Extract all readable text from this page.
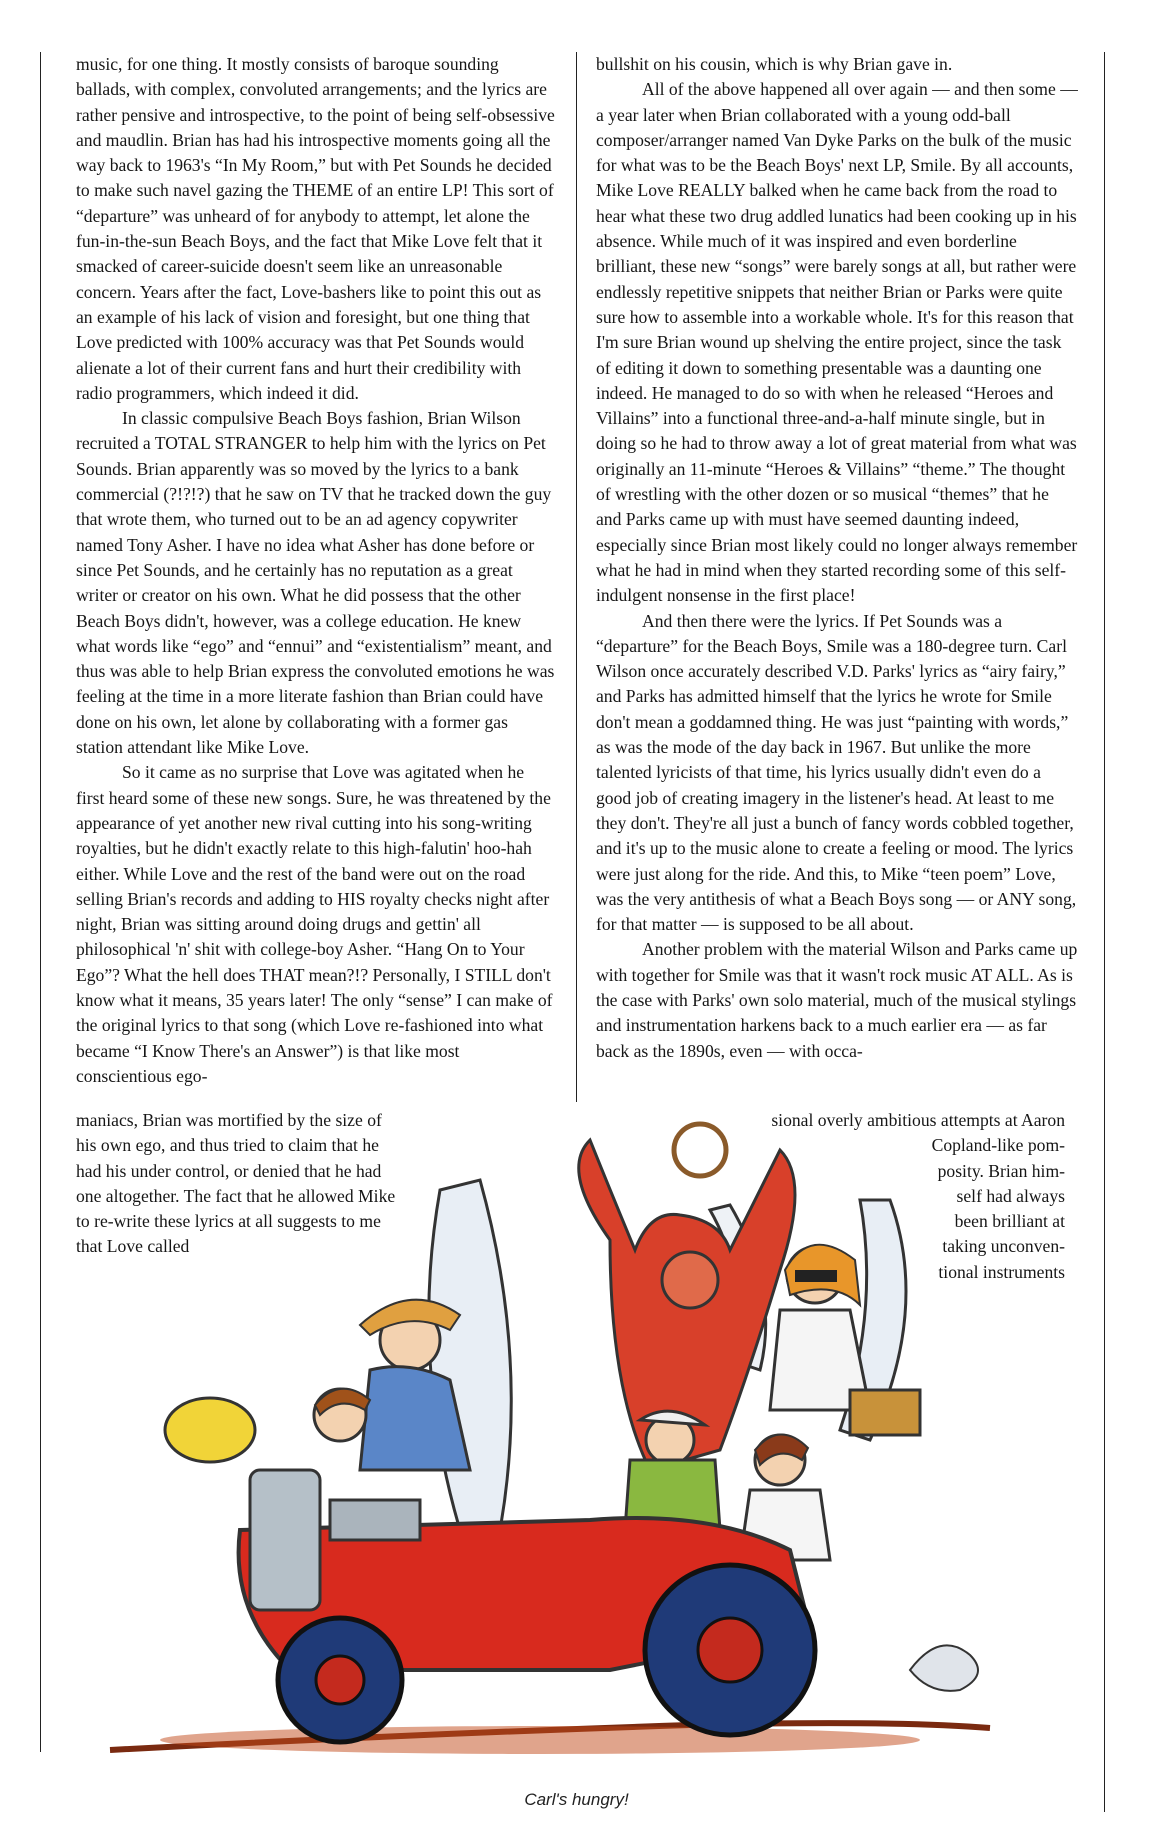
music, for one thing. It mostly consists of baroque sounding ballads, with complex, convoluted arrangements; and the lyrics are rather pensive and introspective, to the point of being self-obsessive and maudlin. Brian has had his introspective moments going all the way back to 1963's “In My Room,” but with Pet Sounds he decided to make such navel gazing the THEME of an entire LP! This sort of “departure” was unheard of for anybody to attempt, let alone the fun-in-the-sun Beach Boys, and the fact that Mike Love felt that it smacked of career-suicide doesn't seem like an unreasonable concern. Years after the fact, Love-bashers like to point this out as an example of his lack of vision and foresight, but one thing that Love predicted with 100% accuracy was that Pet Sounds would alienate a lot of their current fans and hurt their credibility with radio programmers, which indeed it did.

In classic compulsive Beach Boys fashion, Brian Wilson recruited a TOTAL STRANGER to help him with the lyrics on Pet Sounds. Brian apparently was so moved by the lyrics to a bank commercial (?!?!?) that he saw on TV that he tracked down the guy that wrote them, who turned out to be an ad agency copywriter named Tony Asher. I have no idea what Asher has done before or since Pet Sounds, and he certainly has no reputation as a great writer or creator on his own. What he did possess that the other Beach Boys didn't, however, was a college education. He knew what words like “ego” and “ennui” and “existentialism” meant, and thus was able to help Brian express the convoluted emotions he was feeling at the time in a more literate fashion than Brian could have done on his own, let alone by collaborating with a former gas station attendant like Mike Love.

So it came as no surprise that Love was agitated when he first heard some of these new songs. Sure, he was threatened by the appearance of yet another new rival cutting into his song-writing royalties, but he didn't exactly relate to this high-falutin' hoo-hah either. While Love and the rest of the band were out on the road selling Brian's records and adding to HIS royalty checks night after night, Brian was sitting around doing drugs and gettin' all philosophical 'n' shit with college-boy Asher. “Hang On to Your Ego”? What the hell does THAT mean?!? Personally, I STILL don't know what it means, 35 years later! The only “sense” I can make of the original lyrics to that song (which Love re-fashioned into what became “I Know There's an Answer”) is that like most conscientious ego-

bullshit on his cousin, which is why Brian gave in.

All of the above happened all over again — and then some — a year later when Brian collaborated with a young odd-ball composer/arranger named Van Dyke Parks on the bulk of the music for what was to be the Beach Boys' next LP, Smile. By all accounts, Mike Love REALLY balked when he came back from the road to hear what these two drug addled lunatics had been cooking up in his absence. While much of it was inspired and even borderline brilliant, these new “songs” were barely songs at all, but rather were endlessly repetitive snippets that neither Brian or Parks were quite sure how to assemble into a workable whole. It's for this reason that I'm sure Brian wound up shelving the entire project, since the task of editing it down to something presentable was a daunting one indeed. He managed to do so with when he released “Heroes and Villains” into a functional three-and-a-half minute single, but in doing so he had to throw away a lot of great material from what was originally an 11-minute “Heroes & Villains” “theme.” The thought of wrestling with the other dozen or so musical “themes” that he and Parks came up with must have seemed daunting indeed, especially since Brian most likely could no longer always remember what he had in mind when they started recording some of this self-indulgent nonsense in the first place!

And then there were the lyrics. If Pet Sounds was a “departure” for the Beach Boys, Smile was a 180-degree turn. Carl Wilson once accurately described V.D. Parks' lyrics as “airy fairy,” and Parks has admitted himself that the lyrics he wrote for Smile don't mean a goddamned thing. He was just “painting with words,” as was the mode of the day back in 1967. But unlike the more talented lyricists of that time, his lyrics usually didn't even do a good job of creating imagery in the listener's head. At least to me they don't. They're all just a bunch of fancy words cobbled together, and it's up to the music alone to create a feeling or mood. The lyrics were just along for the ride. And this, to Mike “teen poem” Love, was the very antithesis of what a Beach Boys song — or ANY song, for that matter — is supposed to be all about.

Another problem with the material Wilson and Parks came up with together for Smile was that it wasn't rock music AT ALL. As is the case with Parks' own solo material, much of the musical stylings and instrumentation harkens back to a much earlier era — as far back as the 1890s, even — with occa-

maniacs, Brian was mortified by the size of his own ego, and thus tried to claim that he had his under control, or denied that he had one altogether. The fact that he allowed Mike to re-write these lyrics at all suggests to me that Love called
sional overly ambitious attempts at Aaron
Copland-like pom-
posity. Brian him-
self had always
been brilliant at
taking unconven-
tional instruments
Carl's hungry!
